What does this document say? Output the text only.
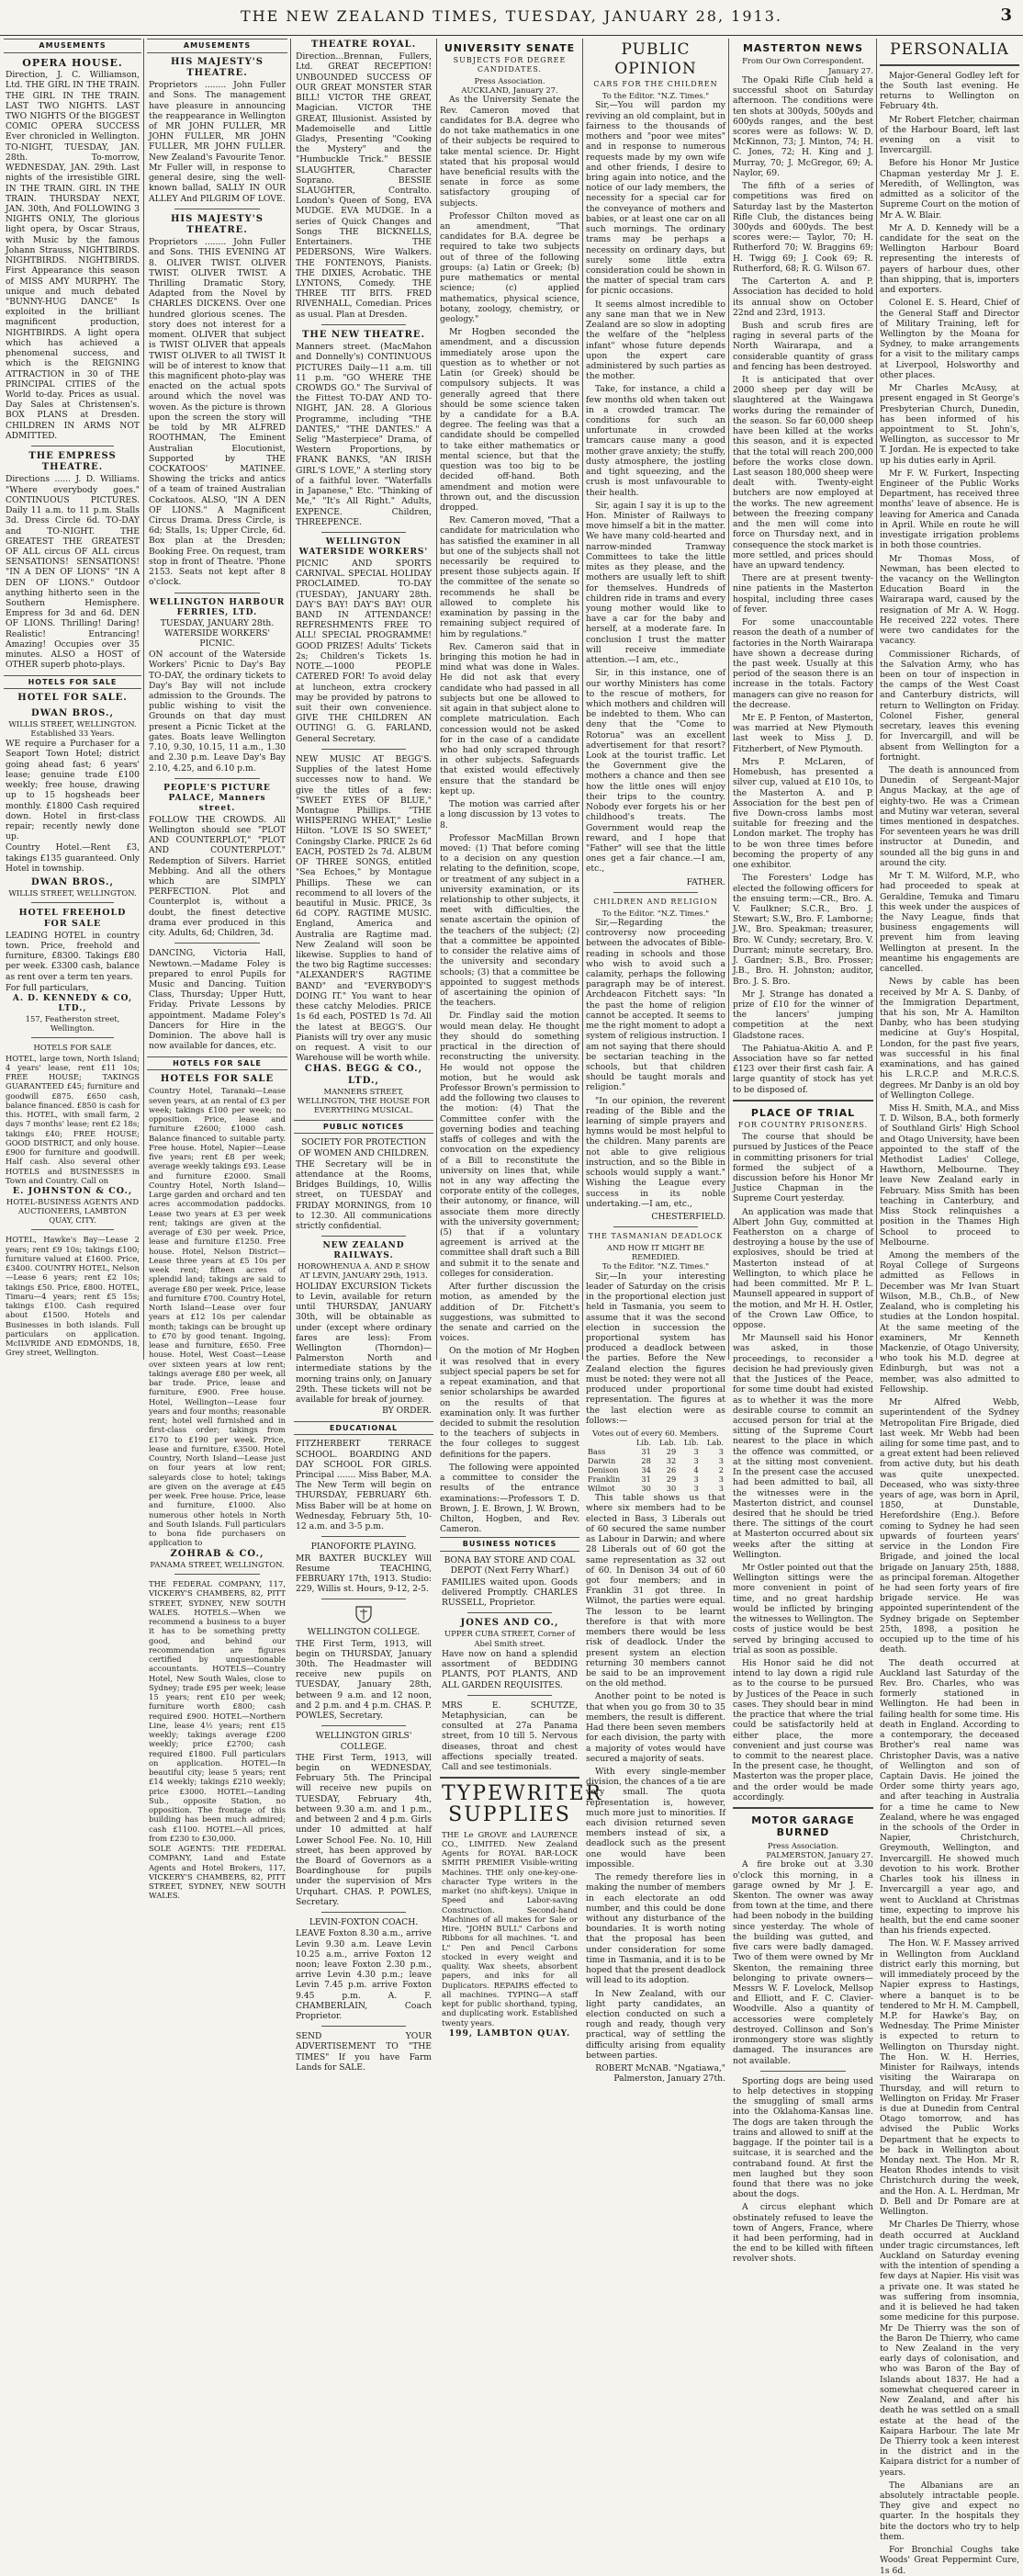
THE NEW ZEALAND TIMES, TUESDAY, JANUARY 28, 1913.	3
AMUSEMENTS
OPERA HOUSE.

Direction, J. C. Williamson, Ltd. THE GIRL IN THE TRAIN. THE GIRL IN THE TRAIN. LAST TWO NIGHTS. LAST TWO NIGHTS Of the BIGGEST COMIC OPERA SUCCESS Ever chronicled in Wellington. TO-NIGHT, TUESDAY, JAN. 28th. To-morrow, WEDNESDAY, JAN. 29th. Last nights of the irresistible GIRL IN THE TRAIN. GIRL IN THE TRAIN. THURSDAY NEXT, JAN. 30th, And FOLLOWING 3 NIGHTS ONLY, The glorious light opera, by Oscar Straus, with Music by the famous Johann Strauss, NIGHTBIRDS. NIGHTBIRDS. NIGHTBIRDS. First Appearance this season of MISS AMY MURPHY. The unique and much debated "BUNNY-HUG DANCE" Is exploited in the brilliant magnificent production, NIGHTBIRDS. A light opera which has achieved a phenomenal success, and which is the REIGNING ATTRACTION in 30 of THE PRINCIPAL CITIES of the World to-day. Prices as usual. Day Sales at Christensen's. BOX PLANS at Dresden. CHILDREN IN ARMS NOT ADMITTED.

THE EMPRESS THEATRE.

Directions ...... J. D. Williams. "Where everybody goes." CONTINUOUS PICTURES. Daily 11 a.m. to 11 p.m. Stalls 3d. Dress Circle 6d. TO-DAY and TO-NIGHT. THE GREATEST THE GREATEST OF ALL circus OF ALL circus SENSATIONS! SENSATIONS! "IN A DEN OF LIONS" "IN A DEN OF LIONS." Outdoor anything hitherto seen in the Southern Hemisphere. Empress for 3d and 6d. DEN OF LIONS. Thrilling! Daring! Realistic! Entrancing! Amazing! Occupies over 35 minutes. ALSO a HOST of OTHER superb photo-plays.

HOTELS FOR SALE
HOTEL FOR SALE.
DWAN BROS.,
WILLIS STREET, WELLINGTON.
Established 33 Years.

WE require a Purchaser for a Seaport Town Hotel; district going ahead fast; 6 years' lease; genuine trade £100 weekly; free house, drawing up to 15 hogsheads beer monthly. £1800 Cash required down. Hotel in first-class repair; recently newly done up.

Country Hotel.—Rent £3, takings £135 guaranteed. Only Hotel in township.

DWAN BROS.,
WILLIS STREET, WELLINGTON.
HOTEL FREEHOLD FOR SALE

LEADING HOTEL in country town. Price, freehold and furniture, £8300. Takings £80 per week. £3300 cash, balance as rent over a term ten years.

For full particulars,

A. D. KENNEDY & CO, LTD.,
157, Featherston street, Wellington.
HOTELS FOR SALE

HOTEL, large town, North Island; 4 years' lease, rent £11 10s; FREE HOUSE; TAKINGS GUARANTEED £45; furniture and goodwill £875. £650 cash, balance financed. £850 is cash for this. HOTEL, with small farm, 2 days 7 months' lease; rent £2 18s; takings £40; FREE HOUSE; GOOD DISTRICT, and only house. £900 for furniture and goodwill. Half cash. Also several other HOTELS and BUSINESSES in Town and Country. Call on

E. JOHNSTON & CO.,
HOTEL-BUSINESS AGENTS AND AUCTIONEERS, LAMBTON QUAY, CITY.

HOTEL, Hawke's Bay—Lease 2 years; rent £9 10s; takings £100; furniture valued at £1600. Price, £3400. COUNTRY HOTEL, Nelson—Lease 6 years; rent £2 10s; takings £50. Price, £800. HOTEL, Timaru—4 years; rent £5 15s; takings £100. Cash required about £1500. Hotels and Businesses in both islands. Full particulars on application. McILVRIDE AND EDMONDS, 18, Grey street, Wellington.

AMUSEMENTS
HIS MAJESTY'S THEATRE.

Proprietors ........ John Fuller and Sons. The management have pleasure in announcing the reappearance in Wellington of MR JOHN FULLER, MR JOHN FULLER, MR JOHN FULLER, MR JOHN FULLER. New Zealand's Favourite Tenor. Mr Fuller will, in response to general desire, sing the well-known ballad, SALLY IN OUR ALLEY And PILGRIM OF LOVE.

HIS MAJESTY'S THEATRE.

Proprietors ........ John Fuller and Sons. THIS EVENING AT 8. OLIVER TWIST. OLIVER TWIST. OLIVER TWIST. A Thrilling Dramatic Story, Adapted from the Novel by CHARLES DICKENS. Over one hundred glorious scenes. The story does not interest for a moment. OLIVER that subject is TWIST OLIVER that appeals TWIST OLIVER to all TWIST It will be of interest to know that this magnificent photo-play was enacted on the actual spots around which the novel was woven. As the picture is thrown upon the screen the story will be told by MR ALFRED ROOTHMAN, The Eminent Australian Elocutionist, Supported by THE COCKATOOS' MATINEE. Showing the tricks and antics of a team of trained Australian Cockatoos. ALSO, "IN A DEN OF LIONS." A Magnificent Circus Drama. Dress Circle, is 6d; Stalls, 1s; Upper Circle, 6d. Box plan at the Dresden; Booking Free. On request, tram stop in front of Theatre. 'Phone 2153. Seats not kept after 8 o'clock.

WELLINGTON HARBOUR FERRIES, LTD.
TUESDAY, JANUARY 28th.
WATERSIDE WORKERS' PICNIC.

ON account of the Waterside Workers' Picnic to Day's Bay TO-DAY, the ordinary tickets to Day's Bay will not include admission to the Grounds. The public wishing to visit the Grounds on that day must present a Picnic Ticket at the gates. Boats leave Wellington 7.10, 9.30, 10.15, 11 a.m., 1.30 and 2.30 p.m. Leave Day's Bay 2.10, 4.25, and 6.10 p.m.

PEOPLE'S PICTURE PALACE, Manners street.

FOLLOW THE CROWDS. All Wellington should see "PLOT AND COUNTERPLOT," "PLOT AND COUNTERPLOT." Redemption of Silvers. Harriet Mebbing. And all the others which are SIMPLY PERFECTION. Plot and Counterplot is, without a doubt, the finest detective drama ever produced in this city. Adults, 6d; Children, 3d.

DANCING, Victoria Hall, Newtown.—Madame Foley is prepared to enrol Pupils for Music and Dancing. Tuition Class, Thursday; Upper Hutt, Friday. Private Lessons by appointment. Madame Foley's Dancers for Hire in the Dominion. The above hall is now available for dances, etc.

HOTELS FOR SALE
HOTELS FOR SALE

Country Hotel, Taranaki—Lease seven years, at an rental of £3 per week; takings £100 per week; no opposition. Price, lease and furniture £2600; £1000 cash. Balance financed to suitable party. Free house. Hotel, Napier—Lease five years; rent £8 per week; average weekly takings £93. Lease and furniture £2000. Small Country Hotel, North Island—Large garden and orchard and ten acres accommodation paddocks. Lease two years at £3 per week rent; takings are given at the average of £30 per week. Price, lease and furniture £1250. Free house. Hotel, Nelson District—Lease three years at £5 10s per week rent; fifteen acres of splendid land; takings are said to average £80 per week. Price, lease and furniture £700. Country Hotel, North Island—Lease over four years at £12 10s per calendar month; takings can be brought up to £70 by good tenant. Ingoing, lease and furniture, £650. Free house. Hotel, West Coast—Lease over sixteen years at low rent; takings average £80 per week, all bar trade. Price, lease and furniture, £900. Free house. Hotel, Wellington—Lease four years and four months; reasonable rent; hotel well furnished and in first-class order; takings from £170 to £190 per week. Price, lease and furniture, £3500. Hotel Country, North Island—Lease just on four years at low rent; saleyards close to hotel; takings are given on the average at £45 per week. Free house. Price, lease and furniture, £1000. Also numerous other hotels in North and South Islands. Full particulars to bona fide purchasers on application to

ZOHRAB & CO.,
PANAMA STREET, WELLINGTON.

THE FEDERAL COMPANY, 117, VICKERY'S CHAMBERS, 82, PITT STREET, SYDNEY, NEW SOUTH WALES. HOTELS.—When we recommend a business to a buyer it has to be something pretty good, and behind our recommendation are figures certified by unquestionable accountants. HOTELS—Country Hotel, New South Wales, close to Sydney; trade £95 per week; lease 15 years; rent £10 per week; furniture worth £800; cash required £900. HOTEL—Northern Line, lease 4½ years; rent £15 weekly; takings average £200 weekly; price £2700; cash required £1800. Full particulars on application. HOTEL—In beautiful city; lease 5 years; rent £14 weekly; takings £210 weekly; price £3000. HOTEL—Landing Sub., opposite Station, no opposition. The frontage of this building has been much admired; cash £1100. HOTEL—All prices, from £230 to £30,000.

SOLE AGENTS: THE FEDERAL COMPANY, Land and Estate Agents and Hotel Brokers, 117, VICKERY'S CHAMBERS, 82, PITT STREET, SYDNEY, NEW SOUTH WALES.

THEATRE ROYAL.

Direction...Brennan, Fullers, Ltd. GREAT RECEPTION! UNBOUNDED SUCCESS OF OUR GREAT MONSTER STAR BILL! VICTOR THE GREAT, Magician. VICTOR THE GREAT, Illusionist. Assisted by Mademoiselle and Little Gladys, Presenting "Cooking the Mystery" and the "Humbuckle Trick." BESSIE SLAUGHTER, Character Soprano. BESSIE SLAUGHTER, Contralto. London's Queen of Song, EVA MUDGE. EVA MUDGE. In a series of Quick Changes and Songs THE BICKNELLS, Entertainers. THE PEDERSONS, Wire Walkers. THE FONTENOYS, Pianists. THE DIXIES, Acrobatic. THE LYNTONS, Comedy. THE THREE TIT BITS. FRED RIVENHALL, Comedian. Prices as usual. Plan at Dresden.

THE NEW THEATRE.

Manners street. (MacMahon and Donnelly's) CONTINUOUS PICTURES Daily—11 a.m. till 11 p.m. "GO WHERE THE CROWDS GO." The Survival of the Fittest TO-DAY AND TO-NIGHT, JAN. 28. A Glorious Programme, including "THE DANTES," "THE DANTES." A Selig "Masterpiece" Drama, of Western Proportions, by FRANK BANKS, "AN IRISH GIRL'S LOVE," A sterling story of a faithful lover. "Waterfalls in Japanese," Etc. "Thinking of Me," "It's All Right." Adults, EXPENCE. Children, THREEPENCE.

WELLINGTON WATERSIDE WORKERS'

PICNIC AND SPORTS CARNIVAL. SPECIAL HOLIDAY PROCLAIMED. TO-DAY (TUESDAY), JANUARY 28th. DAY'S BAY! DAY'S BAY! OUR BAND IN ATTENDANCE! REFRESHMENTS FREE TO ALL! SPECIAL PROGRAMME! GOOD PRIZES! Adults' Tickets 2s; Children's Tickets 1s. NOTE.—1000 PEOPLE CATERED FOR! To avoid delay at luncheon, extra crockery may be provided by patrons to suit their own convenience. GIVE THE CHILDREN AN OUTING! G. G. FARLAND, General Secretary.

NEW MUSIC AT BEGG'S. Supplies of the latest Home successes now to hand. We give the titles of a few: "SWEET EYES OF BLUE," Montague Phillips. "THE WHISPERING WHEAT," Leslie Hilton. "LOVE IS SO SWEET," Coningsby Clarke. PRICE 2s 6d EACH, POSTED 2s 7d. ALBUM OF THREE SONGS, entitled "Sea Echoes," by Montague Phillips. These we can recommend to all lovers of the beautiful in Music. PRICE, 3s 6d COPY. RAGTIME MUSIC. England, America and Australia are Ragtime mad. New Zealand will soon be likewise. Supplies to hand of the two big Ragtime successes: "ALEXANDER'S RAGTIME BAND" and "EVERYBODY'S DOING IT." You want to hear these catchy Melodies. PRICE 1s 6d each, POSTED 1s 7d. All the latest at BEGG'S. Our Pianists will try over any music on request. A visit to our Warehouse will be worth while.

CHAS. BEGG & CO., LTD.,
MANNERS STREET, WELLINGTON, THE HOUSE FOR EVERYTHING MUSICAL.
PUBLIC NOTICES
SOCIETY FOR PROTECTION OF WOMEN AND CHILDREN.

THE Secretary will be in attendance at the Rooms, Bridges Buildings, 10, Willis street, on TUESDAY and FRIDAY MORNINGS, from 10 to 12.30. All communications strictly confidential.

NEW ZEALAND RAILWAYS.
HOROWHENUA A. AND P. SHOW AT LEVIN, JANUARY 29th, 1913.

HOLIDAY EXCURSION Tickets to Levin, available for return until THURSDAY, JANUARY 30th, will be obtainable as under (except where ordinary fares are less): From Wellington (Thorndon)—Palmerston North and intermediate stations by the morning trains only, on January 29th. These tickets will not be available for break of journey.

BY ORDER.
EDUCATIONAL

FITZHERBERT TERRACE SCHOOL. BOARDING AND DAY SCHOOL FOR GIRLS. Principal ....... Miss Baber, M.A. The New Term will begin on THURSDAY, FEBRUARY 6th. Miss Baber will be at home on Wednesday, February 5th, 10-12 a.m. and 3-5 p.m.

PIANOFORTE PLAYING.

MR BAXTER BUCKLEY Will Resume TEACHING, FEBRUARY 17th, 1913. Studio: 229, Willis st. Hours, 9-12, 2-5.

WELLINGTON COLLEGE.

THE First Term, 1913, will begin on THURSDAY, January 30th. The Headmaster will receive new pupils on TUESDAY, January 28th, between 9 a.m. and 12 noon, and 2 p.m. and 4 p.m. CHAS. P. POWLES, Secretary.

WELLINGTON GIRLS' COLLEGE.

THE First Term, 1913, will begin on WEDNESDAY, February 5th. The Principal will receive new pupils on TUESDAY, February 4th, between 9.30 a.m. and 1 p.m., and between 2 and 4 p.m. Girls under 10 admitted at half Lower School Fee. No. 10, Hill street, has been approved by the Board of Governors as a Boardinghouse for pupils under the supervision of Mrs Urquhart. CHAS. P. POWLES, Secretary.

LEVIN-FOXTON COACH.

LEAVE Foxton 8.30 a.m., arrive Levin 9.30 a.m. Leave Levin 10.25 a.m., arrive Foxton 12 noon; leave Foxton 2.30 p.m., arrive Levin 4.30 p.m.; leave Levin 7.45 p.m. arrive Foxton 9.45 p.m. A. F. CHAMBERLAIN, Coach Proprietor.

SEND YOUR ADVERTISEMENT TO "THE TIMES" If you have Farm Lands for SALE.

UNIVERSITY SENATE
SUBJECTS FOR DEGREE CANDIDATES.
Press Association.
AUCKLAND, January 27.

As the University Senate the Rev. Cameron moved that candidates for B.A. degree who do not take mathematics in one of their subjects be required to take mental science. Dr. Hight stated that his proposal would have beneficial results with the senate in force as some satisfactory grouping of subjects.

Professor Chilton moved as an amendment, "That candidates for B.A. degree be required to take two subjects out of three of the following groups: (a) Latin or Greek; (b) pure mathematics or mental science; (c) applied mathematics, physical science, botany, zoology, chemistry, or geology."

Mr Hogben seconded the amendment, and a discussion immediately arose upon the question as to whether or not Latin (or Greek) should be compulsory subjects. It was generally agreed that there should be some science taken by a candidate for a B.A. degree. The feeling was that a candidate should be compelled to take either mathematics or mental science, but that the question was too big to be decided off-hand. Both amendment and motion were thrown out, and the discussion dropped.

Rev. Cameron moved, "That a candidate for matriculation who has satisfied the examiner in all but one of the subjects shall not necessarily be required to present those subjects again. If the committee of the senate so recommends he shall be allowed to complete his examination by passing in the remaining subject required of him by regulations."

Rev. Cameron said that in bringing this motion he had in mind what was done in Wales. He did not ask that every candidate who had passed in all subjects but one be allowed to sit again in that subject alone to complete matriculation. Each concession would not be asked for in the case of a candidate who had only scraped through in other subjects. Safeguards that existed would effectively ensure that the standard be kept up.

The motion was carried after a long discussion by 13 votes to 8.

Professor MacMillan Brown moved: (1) That before coming to a decision on any question relating to the definition, scope, or treatment of any subject in a university examination, or its relationship to other subjects, it meet with difficulties, the senate ascertain the opinion of the teachers of the subject; (2) that a committee be appointed to consider the relative aims of the university and secondary schools; (3) that a committee be appointed to suggest methods of ascertaining the opinion of the teachers.

Dr. Findlay said the motion would mean delay. He thought they should do something practical in the direction of reconstructing the university. He would not oppose the motion, but he would ask Professor Brown's permission to add the following two clauses to the motion: (4) That the Committee confer with the governing bodies and teaching staffs of colleges and with the convocation on the expediency of a Bill to reconstitute the university on lines that, while not in any way affecting the corporate entity of the colleges, their autonomy, or finance, will associate them more directly with the university government; (5) that if a voluntary agreement is arrived at the committee shall draft such a Bill and submit it to the senate and colleges for consideration.

After further discussion the motion, as amended by the addition of Dr. Fitchett's suggestions, was submitted to the senate and carried on the voices.

On the motion of Mr Hogben it was resolved that in every subject special papers be set for a repeat examination, and that senior scholarships be awarded on the results of that examination only. It was further decided to submit the resolution to the teachers of subjects in the four colleges to suggest definitions for the papers.

The following were appointed a committee to consider the results of the entrance examinations:—Professors T. D. Brown, J. E. Brown, J. W. Brown, Chilton, Hogben, and Rev. Cameron.

BUSINESS NOTICES
BONA BAY STORE AND COAL DEPOT (Next Ferry Wharf.)

FAMILIES waited upon. Goods delivered Promptly. CHARLES RUSSELL, Proprietor.

JONES AND CO.,
UPPER CUBA STREET, Corner of Abel Smith street.

Have now on hand a splendid assortment of BEDDING PLANTS, POT PLANTS, AND ALL GARDEN REQUISITES.

MRS E. SCHUTZE, Metaphysician, can be consulted at 27a Panama street, from 10 till 5. Nervous diseases, throat and chest affections specially treated. Call and see testimonials.

TYPEWRITER SUPPLIES

THE Le GROVE and LAURENCE CO., LIMITED. New Zealand Agents for ROYAL BAR-LOCK SMITH PREMIER Visible-writing Machines. THE only one-key-one-character Type writers in the market (no shift-keys). Unique in Speed and Labor-saving Construction. Second-hand Machines of all makes for Sale or Hire. "JOHN BULL" Carbons and Ribbons for all machines. "L and L" Pen and Pencil Carbons stocked in every weight and quality. Wax sheets, absorbent papers, and inks for all Duplicators. REPAIRS effected to all machines. TYPING—A staff kept for public shorthand, typing, and duplicating work. Established twenty years.

199, LAMBTON QUAY.
PUBLIC OPINION
CARS FOR THE CHILDREN
To the Editor. "N.Z. Times."

Sir,—You will pardon my reviving an old complaint, but in fairness to the thousands of mothers and "poor wee mites" and in response to numerous requests made by my own wife and other friends, I desire to bring again into notice, and the notice of our lady members, the necessity for a special car for the conveyance of mothers and babies, or at least one car on all such mornings. The ordinary trams may be perhaps a necessity on ordinary days, but surely some little extra consideration could be shown in the matter of special tram cars for picnic occasions.

It seems almost incredible to any sane man that we in New Zealand are so slow in adopting the welfare of the "helpless infant" whose future depends upon the expert care administered by such parties as the mother.

Take, for instance, a child a few months old when taken out in a crowded tramcar. The conditions for such an unfortunate in crowded tramcars cause many a good mother grave anxiety; the stuffy, dusty atmosphere, the jostling and tight squeezing, and the crush is most unfavourable to their health.

Sir, again I say it is up to the Hon. Minister of Railways to move himself a bit in the matter. We have many cold-hearted and narrow-minded Tramway Committees to take the little mites as they please, and the mothers are usually left to shift for themselves. Hundreds of children ride in trams and every young mother would like to have a car for the baby and herself, at a moderate fare. In conclusion I trust the matter will receive immediate attention.—I am, etc.,

Sir, in this instance, one of our worthy Ministers has come to the rescue of mothers, for which mothers and children will be indebted to them. Who can deny that the "Come to Rotorua" was an excellent advertisement for that resort? Look at the tourist traffic. Let the Government give the mothers a chance and then see how the little ones will enjoy their trips to the country. Nobody ever forgets his or her childhood's treats. The Government would reap the reward, and I hope that "Father" will see that the little ones get a fair chance.—I am, etc.,

FATHER.
CHILDREN AND RELIGION
To the Editor. "N.Z. Times."

Sir,—Regarding the controversy now proceeding between the advocates of Bible-reading in schools and those who wish to avoid such a calamity, perhaps the following paragraph may be of interest. Archdeacon Fitchett says: "In the past the home of religion cannot be accepted. It seems to me the right moment to adopt a system of religious instruction. I am not saying that there should be sectarian teaching in the schools, but that children should be taught morals and religion."

"In our opinion, the reverent reading of the Bible and the learning of simple prayers and hymns would be most helpful to the children. Many parents are not able to give religious instruction, and so the Bible in schools would supply a want." Wishing the League every success in its noble undertaking.—I am, etc.,

CHESTERFIELD.
THE TASMANIAN DEADLOCK
AND HOW IT MIGHT BE REMEDIED.
To the Editor. "N.Z. Times."

Sir,—In your interesting leader of Saturday on the crisis in the proportional election just held in Tasmania, you seem to assume that it was the second election in succession the proportional system has produced a deadlock between the parties. Before the New Zealand election the figures must be noted: they were not all produced under proportional representation. The figures at the last election were as follows:—

Votes out of every 60. Members.
	Lib.	Lab.	Lib.	Lab.
Bass	31	29	3	3
Darwin	28	32	3	3
Denison	34	26	4	2
Franklin	31	29	3	3
Wilmot	30	30	3	3

This table shows us that where six members had to be elected in Bass, 3 Liberals out of 60 secured the same number as Labour in Darwin; and where 28 Liberals out of 60 got the same representation as 32 out of 60. In Denison 34 out of 60 got four members; and in Franklin 31 got three. In Wilmot, the parties were equal. The lesson to be learnt therefore is that with more members there would be less risk of deadlock. Under the present system an election returning 30 members cannot be said to be an improvement on the old method.

Another point to be noted is that when you go from 30 to 35 members, the result is different. Had there been seven members for each division, the party with a majority of votes would have secured a majority of seats.

With every single-member division, the chances of a tie are very small. The quota representation is, however, much more just to minorities. If each division returned seven members instead of six, a deadlock such as the present one would have been impossible.

The remedy therefore lies in making the number of members in each electorate an odd number, and this could be done without any disturbance of the boundaries. It is worth noting that the proposal has been under consideration for some time in Tasmania, and it is to be hoped that the present deadlock will lead to its adoption.

In New Zealand, with our light party candidates, an election conducted on such a rough and ready, though very practical, way of settling the difficulty arising from equality between parties.

ROBERT McNAB. "Ngatiawa," Palmerston, January 27th.
MASTERTON NEWS
From Our Own Correspondent.
January 27.

The Opaki Rifle Club held a successful shoot on Saturday afternoon. The conditions were ten shots at 300yds, 500yds and 600yds ranges, and the best scores were as follows: W. D. McKinnon, 73; J. Minton, 74; H. C. Jones, 72; H. King and J. Murray, 70; J. McGregor, 69; A. Naylor, 69.

The fifth of a series of competitions was fired on Saturday last by the Masterton Rifle Club, the distances being 300yds and 600yds. The best scores were:— Taylor, 70; H. Rutherford 70; W. Braggins 69; H. Twigg 69; J. Cook 69; R. Rutherford, 68; R. G. Wilson 67.

The Carterton A. and P. Association has decided to hold its annual show on October 22nd and 23rd, 1913.

Bush and scrub fires are raging in several parts of the North Wairarapa, and a considerable quantity of grass and fencing has been destroyed.

It is anticipated that over 2000 sheep per day will be slaughtered at the Waingawa works during the remainder of the season. So far 60,000 sheep have been killed at the works this season, and it is expected that the total will reach 200,000 before the works close down. Last season 180,000 sheep were dealt with. Twenty-eight butchers are now employed at the works. The new agreement between the freezing company and the men will come into force on Thursday next, and in consequence the stock market is more settled, and prices should have an upward tendency.

There are at present twenty-nine patients in the Masterton hospital, including three cases of fever.

For some unaccountable reason the death of a number of factories in the North Wairarapa have shown a decrease during the past week. Usually at this period of the season there is an increase in the totals. Factory managers can give no reason for the decrease.

Mr E. P. Fenton, of Masterton, was married at New Plymouth last week to Miss J. D. Fitzherbert, of New Plymouth.

Mrs P. McLaren, of Homebush, has presented a silver cup, valued at £10 10s, to the Masterton A. and P. Association for the best pen of five Down-cross lambs most suitable for freezing and the London market. The trophy has to be won three times before becoming the property of any one exhibitor.

The Foresters' Lodge has elected the following officers for the ensuing term:—CR., Bro. A. V. Faulkner; S.C.R., Bro. J. Stewart; S.W., Bro. F. Lamborne; J.W., Bro. Speakman; treasurer, Bro. W. Cundy; secretary, Bro. V. Durrant; minute secretary, Bro. J. Gardner; S.B., Bro. Prosser; J.B., Bro. H. Johnston; auditor, Bro. J. S. Bro.

Mr J. Strange has donated a prize of £10 for the winner of the lancers' jumping competition at the next Gladstone races.

The Pahiatua-Akitio A. and P. Association have so far netted £123 over their first cash fair. A large quantity of stock has yet to be disposed of.

PLACE OF TRIAL
FOR COUNTRY PRISONERS.

The course that should be pursued by Justices of the Peace in committing prisoners for trial formed the subject of a discussion before his Honor Mr Justice Chapman in the Supreme Court yesterday.

An application was made that Albert John Guy, committed at Featherston on a charge of destroying a house by the use of explosives, should be tried at Masterton instead of at Wellington, to which place he had been committed. Mr P. L. Maunsell appeared in support of the motion, and Mr H. H. Ostler, of the Crown Law Office, to oppose.

Mr Maunsell said his Honor was asked, in those proceedings, to reconsider a decision he had previously given that the Justices of the Peace, for some time doubt had existed as to whether it was the more desirable course to commit an accused person for trial at the sitting of the Supreme Court nearest to the place in which the offence was committed, or at the sitting most convenient. In the present case the accused had been admitted to bail, all the witnesses were in the Masterton district, and counsel desired that he should be tried there. The sittings of the court at Masterton occurred about six weeks after the sitting at Wellington.

Mr Ostler pointed out that the Wellington sittings were the more convenient in point of time, and no great hardship would be inflicted by bringing the witnesses to Wellington. The costs of justice would be best served by bringing accused to trial as soon as possible.

His Honor said he did not intend to lay down a rigid rule as to the course to be pursued by Justices of the Peace in such cases. They should bear in mind the practice that where the trial could be satisfactorily held at either place, the more convenient and just course was to commit to the nearest place. In the present case, he thought, Masterton was the proper place, and the order would be made accordingly.

MOTOR GARAGE BURNED
Press Association.
PALMERSTON, January 27.

A fire broke out at 3.30 o'clock this morning, in a garage owned by Mr J. E. Skenton. The owner was away from town at the time, and there had been nobody in the building since yesterday. The whole of the building was gutted, and five cars were badly damaged. Two of them were owned by Mr Skenton, the remaining three belonging to private owners—Messrs W. F. Lovelock, Mellsop and Elliott, and F. C. Clavier-Woodville. Also a quantity of accessories were completely destroyed. Collinson and Son's ironmongery store was slightly damaged. The insurances are not available.

Sporting dogs are being used to help detectives in stopping the smuggling of small arms into the Oklahoma-Kansas line. The dogs are taken through the trains and allowed to sniff at the baggage. If the pointer tail is a suitcase, it is searched and the contraband found. At first the men laughed but they soon found that there was no joke about the dogs.

A circus elephant which obstinately refused to leave the town of Angers, France, where it had been performing, had in the end to be killed with fifteen revolver shots.

PERSONALIA

Major-General Godley left for the South last evening. He returns to Wellington on February 4th.

Mr Robert Fletcher, chairman of the Harbour Board, left last evening on a visit to Invercargill.

Before his Honor Mr Justice Chapman yesterday Mr J. E. Meredith, of Wellington, was admitted as a solicitor of the Supreme Court on the motion of Mr A. W. Blair.

Mr A. D. Kennedy will be a candidate for the seat on the Wellington Harbour Board representing the interests of payers of harbour dues, other than shipping, that is, importers and exporters.

Colonel E. S. Heard, Chief of the General Staff and Director of Military Training, left for Wellington by the Moana for Sydney, to make arrangements for a visit to the military camps at Liverpool, Holsworthy and other places.

Mr Charles McAusy, at present engaged in St George's Presbyterian Church, Dunedin, has been informed of his appointment to St. John's, Wellington, as successor to Mr T. Jordan. He is expected to take up his duties early in April.

Mr F. W. Furkert, Inspecting Engineer of the Public Works Department, has received three months' leave of absence. He is leaving for America and Canada in April. While en route he will investigate irrigation problems in both those countries.

Mr Thomas Moss, of Newman, has been elected to the vacancy on the Wellington Education Board in the Wairarapa ward, caused by the resignation of Mr A. W. Hogg. He received 222 votes. There were two candidates for the vacancy.

Commissioner Richards, of the Salvation Army, who has been on tour of inspection in the camps of the West Coast and Canterbury districts, will return to Wellington on Friday. Colonel Fisher, general secretary, leaves this evening for Invercargill, and will be absent from Wellington for a fortnight.

The death is announced from Dunedin of Sergeant-Major Angus Mackay, at the age of eighty-two. He was a Crimean and Mutiny war veteran, several times mentioned in despatches. For seventeen years he was drill instructor at Dunedin, and sounded all the big guns in and around the city.

Mr T. M. Wilford, M.P., who had proceeded to speak at Geraldine, Temuka and Timaru this week under the auspices of the Navy League, finds that business engagements will prevent him from leaving Wellington at present. In the meantime his engagements are cancelled.

News by cable has been received by Mr A. S. Danby, of the Immigration Department, that his son, Mr A. Hamilton Danby, who has been studying medicine at Guy's Hospital, London, for the past five years, was successful in his final examinations, and has gained his L.R.C.P. and M.R.C.S. degrees. Mr Danby is an old boy of Wellington College.

Miss H. Smith, M.A., and Miss T. D. Wilson, B.A., both formerly of Southland Girls' High School and Otago University, have been appointed to the staff of the Methodist Ladies' College, Hawthorn, Melbourne. They leave New Zealand early in February. Miss Smith has been teaching in Canterbury, and Miss Stock relinquishes a position in the Thames High School to proceed to Melbourne.

Among the members of the Royal College of Surgeons admitted as Fellows in December was Mr Ivan Stuart Wilson, M.B., Ch.B., of New Zealand, who is completing his studies at the London hospital. At the same meeting of the examiners, Mr Kenneth Mackenzie, of Otago University, who took his M.D. degree at Edinburgh, but was not a member, was also admitted to Fellowship.

Mr Alfred Webb, superintendent of the Sydney Metropolitan Fire Brigade, died last week. Mr Webb had been ailing for some time past, and to a great extent had been relieved from active duty, but his death was quite unexpected. Deceased, who was sixty-three years of age, was born in April, 1850, at Dunstable, Herefordshire (Eng.). Before coming to Sydney he had seen upwards of fourteen years' service in the London Fire Brigade, and joined the local brigade on January 25th, 1888, as principal foreman. Altogether he had seen forty years of fire brigade service. He was appointed superintendent of the Sydney brigade on September 25th, 1898, a position he occupied up to the time of his death.

The death occurred at Auckland last Saturday of the Rev. Bro. Charles, who was formerly stationed in Wellington. He had been in failing health for some time. His death in England. According to a contemporary, the deceased Brother's real name was Christopher Davis, was a native of Wellington and son of Captain Davis. He joined the Order some thirty years ago, and after teaching in Australia for a time he came to New Zealand, where he was engaged in the schools of the Order in Napier, Christchurch, Greymouth, Wellington, and Invercargill. He showed much devotion to his work. Brother Charles took his illness in Invercargill a year ago, and went to Auckland at Christmas time, expecting to improve his health, but the end came sooner than his friends expected.

The Hon. W. F. Massey arrived in Wellington from Auckland district early this morning, but will immediately proceed by the Napier express to Hastings, where a banquet is to be tendered to Mr H. M. Campbell, M.P. for Hawke's Bay, on Wednesday. The Prime Minister is expected to return to Wellington on Thursday night. The Hon. W. H. Herries, Minister for Railways, intends visiting the Wairarapa on Thursday, and will return to Wellington on Friday. Mr Fraser is due at Dunedin from Central Otago tomorrow, and has advised the Public Works Department that he expects to be back in Wellington about Monday next. The Hon. Mr R. Heaton Rhodes intends to visit Christchurch during the week, and the Hon. A. L. Herdman, Mr D. Bell and Dr Pomare are at Wellington.

Mr Charles De Thierry, whose death occurred at Auckland under tragic circumstances, left Auckland on Saturday evening with the intention of spending a few days at Napier. His visit was a private one. It was stated he was suffering from insomnia, and it is believed he had taken some medicine for this purpose. Mr De Thierry was the son of the Baron De Thierry, who came to New Zealand in the very early days of colonisation, and who was Baron of the Bay of Islands about 1837. He had a somewhat chequered career in New Zealand, and after his death he was settled on a small estate at the head of the Kaipara Harbour. The late Mr De Thierry took a keen interest in the district and in the Kaipara district for a number of years.

The Albanians are an absolutely intractable people. They give and expect no quarter. In the hospitals they bite the doctors who try to help them.

For Bronchial Coughs take Woods' Great Peppermint Cure, 1s 6d.
